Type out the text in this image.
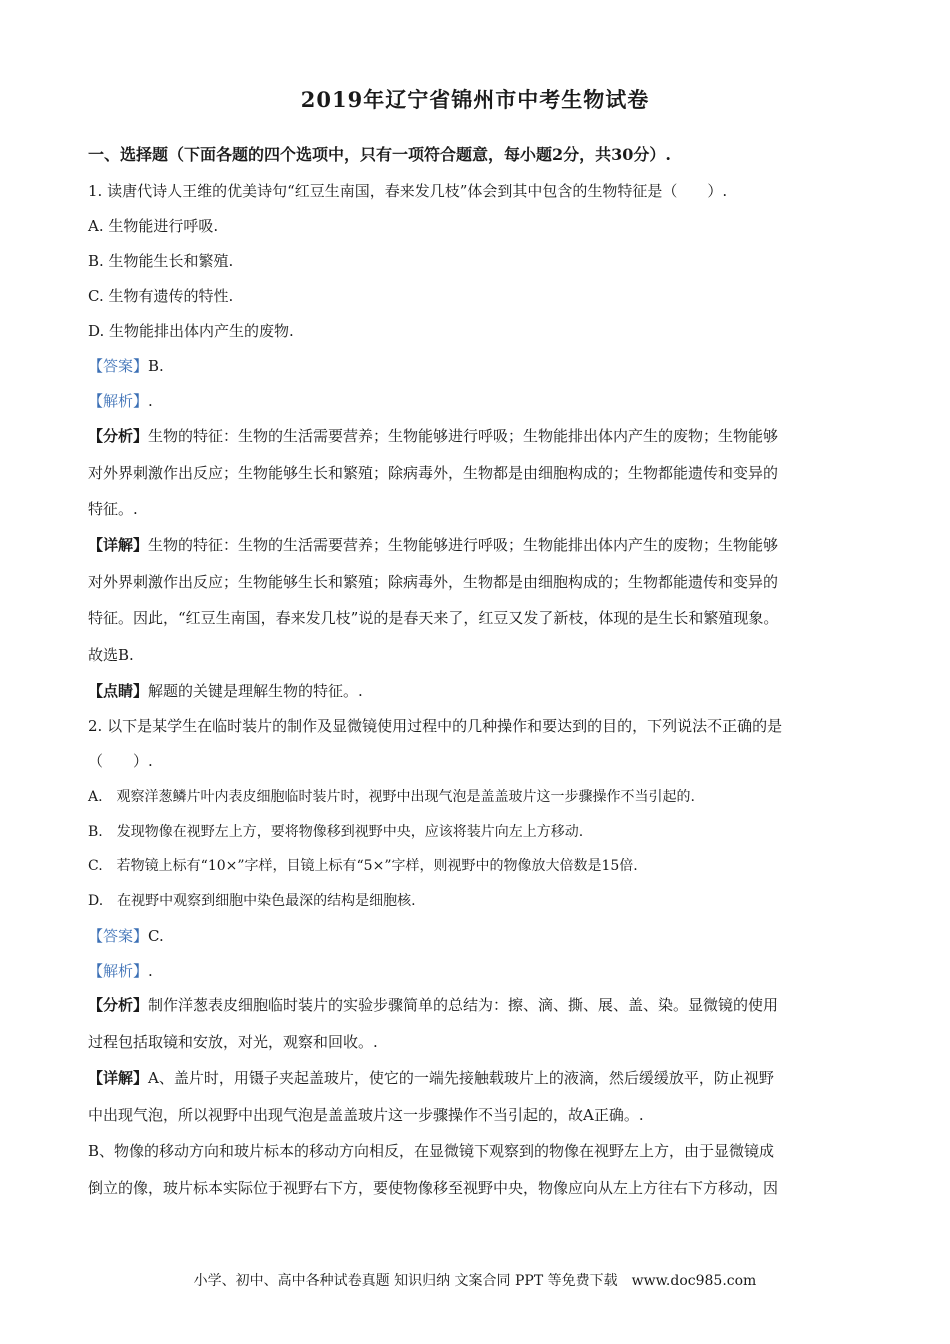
2019年辽宁省锦州市中考生物试卷
一、选择题（下面各题的四个选项中，只有一项符合题意，每小题2分，共30分）.
1. 读唐代诗人王维的优美诗句“红豆生南国，春来发几枝”体会到其中包含的生物特征是（　　）.
A. 生物能进行呼吸.
B. 生物能生长和繁殖.
C. 生物有遗传的特性.
D. 生物能排出体内产生的废物.
【答案】B.
【解析】.
【分析】生物的特征：生物的生活需要营养；生物能够进行呼吸；生物能排出体内产生的废物；生物能够
对外界刺激作出反应；生物能够生长和繁殖；除病毒外，生物都是由细胞构成的；生物都能遗传和变异的
特征。.
【详解】生物的特征：生物的生活需要营养；生物能够进行呼吸；生物能排出体内产生的废物；生物能够
对外界刺激作出反应；生物能够生长和繁殖；除病毒外，生物都是由细胞构成的；生物都能遗传和变异的
特征。因此，“红豆生南国，春来发几枝”说的是春天来了，红豆又发了新枝，体现的是生长和繁殖现象。
故选B.
【点睛】解题的关键是理解生物的特征。.
2. 以下是某学生在临时装片的制作及显微镜使用过程中的几种操作和要达到的目的，下列说法不正确的是
（　　）.
A.　观察洋葱鳞片叶内表皮细胞临时装片时，视野中出现气泡是盖盖玻片这一步骤操作不当引起的.
B.　发现物像在视野左上方，要将物像移到视野中央，应该将装片向左上方移动.
C.　若物镜上标有“10×”字样，目镜上标有“5×”字样，则视野中的物像放大倍数是15倍.
D.　在视野中观察到细胞中染色最深的结构是细胞核.
【答案】C.
【解析】.
【分析】制作洋葱表皮细胞临时装片的实验步骤简单的总结为：擦、滴、撕、展、盖、染。显微镜的使用
过程包括取镜和安放，对光，观察和回收。.
【详解】A、盖片时，用镊子夹起盖玻片，使它的一端先接触载玻片上的液滴，然后缓缓放平，防止视野
中出现气泡，所以视野中出现气泡是盖盖玻片这一步骤操作不当引起的，故A正确。.
B、物像的移动方向和玻片标本的移动方向相反，在显微镜下观察到的物像在视野左上方，由于显微镜成
倒立的像，玻片标本实际位于视野右下方，要使物像移至视野中央，物像应向从左上方往右下方移动，因
小学、初中、高中各种试卷真题 知识归纳 文案合同 PPT 等免费下载　www.doc985.com
